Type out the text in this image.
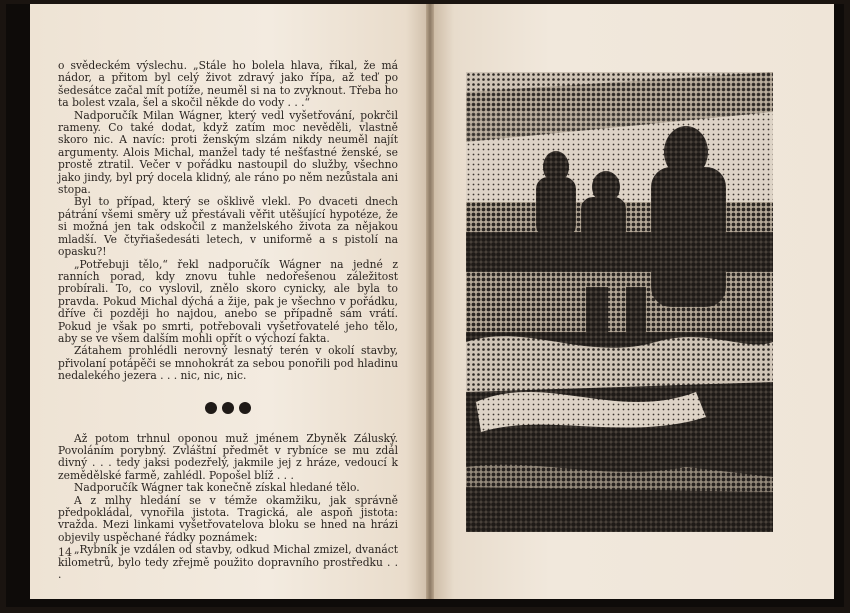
o svědeckém výslechu. „Stále ho bolela hlava, říkal, že má nádor, a přitom byl celý život zdravý jako řípa, až teď po šedesátce začal mít potíže, neuměl si na to zvyknout. Třeba ho ta bolest vzala, šel a skočil někde do vody . . .“

Nadporučík Milan Wágner, který vedl vyšetřování, pokrčil rameny. Co také dodat, když zatím moc nevěděli, vlastně skoro nic. A navíc: proti ženským slzám nikdy neuměl najít argumenty. Alois Michal, manžel tady té nešťastné ženské, se prostě ztratil. Večer v pořádku nastoupil do služby, všechno jako jindy, byl prý docela klidný, ale ráno po něm nezůstala ani stopa.

Byl to případ, který se ošklivě vlekl. Po dvaceti dnech pátrání všemi směry už přestávali věřit utěšující hypotéze, že si možná jen tak odskočil z manželského života za nějakou mladší. Ve čtyřiašedesáti letech, v uniformě a s pistolí na opasku?!

„Potřebuji tělo,“ řekl nadporučík Wágner na jedné z ranních porad, kdy znovu tuhle nedořešenou záležitost probírali. To, co vyslovil, znělo skoro cynicky, ale byla to pravda. Pokud Michal dýchá a žije, pak je všechno v pořádku, dříve či později ho najdou, anebo se případně sám vrátí. Pokud je však po smrti, potřebovali vyšetřovatelé jeho tělo, aby se ve všem dalším mohli opřít o výchozí fakta.

Zátahem prohlédli nerovný lesnatý terén v okolí stavby, přivolaní potápěči se mnohokrát za sebou ponořili pod hladinu nedalekého jezera . . . nic, nic, nic.

Až potom trhnul oponou muž jménem Zbyněk Záluský. Povoláním porybný. Zvláštní předmět v rybníce se mu zdál divný . . . tedy jaksi podezřelý, jakmile jej z hráze, vedoucí k zemědělské farmě, zahlédl. Popošel blíž . . .

Nadporučík Wágner tak konečně získal hledané tělo.

A z mlhy hledání se v témže okamžiku, jak správně předpokládal, vynořila jistota. Tragická, ale aspoň jistota: vražda. Mezi linkami vyšetřovatelova bloku se hned na hrázi objevily uspěchané řádky poznámek:

„Rybník je vzdálen od stavby, odkud Michal zmizel, dvanáct kilometrů, bylo tedy zřejmě použito dopravního prostředku . . .

14
